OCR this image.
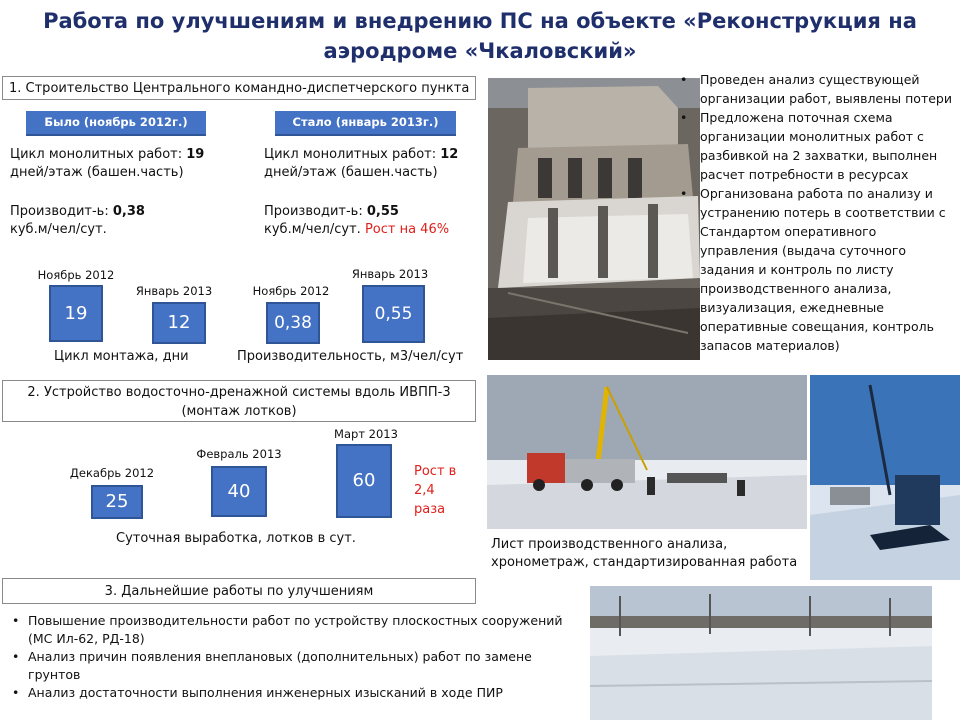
Работа по улучшениям и внедрению ПС на объекте «Реконструкция на аэродроме «Чкаловский»
1. Строительство Центрального командно-диспетчерского пункта
Было (ноябрь 2012г.)	Стало (январь 2013г.)
Цикл монолитных работ: 19
дней/этаж (башен.часть)
Производит-ь: 0,38
куб.м/чел/сут.
Цикл монолитных работ: 12
дней/этаж (башен.часть)
Производит-ь: 0,55
куб.м/чел/сут. Рост на 46%
Ноябрь 2012
19
Январь 2013
12
Ноябрь 2012
0,38
Январь 2013
0,55
Цикл монтажа, дни	Производительность, м3/чел/сут
• Проведен анализ существующей организации работ, выявлены потери
• Предложена поточная схема организации монолитных работ с разбивкой на 2 захватки, выполнен расчет потребности в ресурсах
• Организована работа по анализу и устранению потерь в соответствии с Стандартом оперативного управления (выдача суточного задания и контроль по листу производственного анализа, визуализация, ежедневные оперативные совещания, контроль запасов материалов)
2. Устройство водосточно-дренажной системы вдоль ИВПП-3 (монтаж лотков)
Декабрь 2012
25
Февраль 2013
40
Март 2013
60	Рост в 2,4 раза
Суточная выработка, лотков в сут.	Лист производственного анализа, хронометраж, стандартизированная работа
3. Дальнейшие работы по улучшениям
• Повышение производительности работ по устройству плоскостных сооружений (МС Ил-62, РД-18)
• Анализ причин появления внеплановых (дополнительных) работ по замене грунтов
• Анализ достаточности выполнения инженерных изысканий в ходе ПИР
